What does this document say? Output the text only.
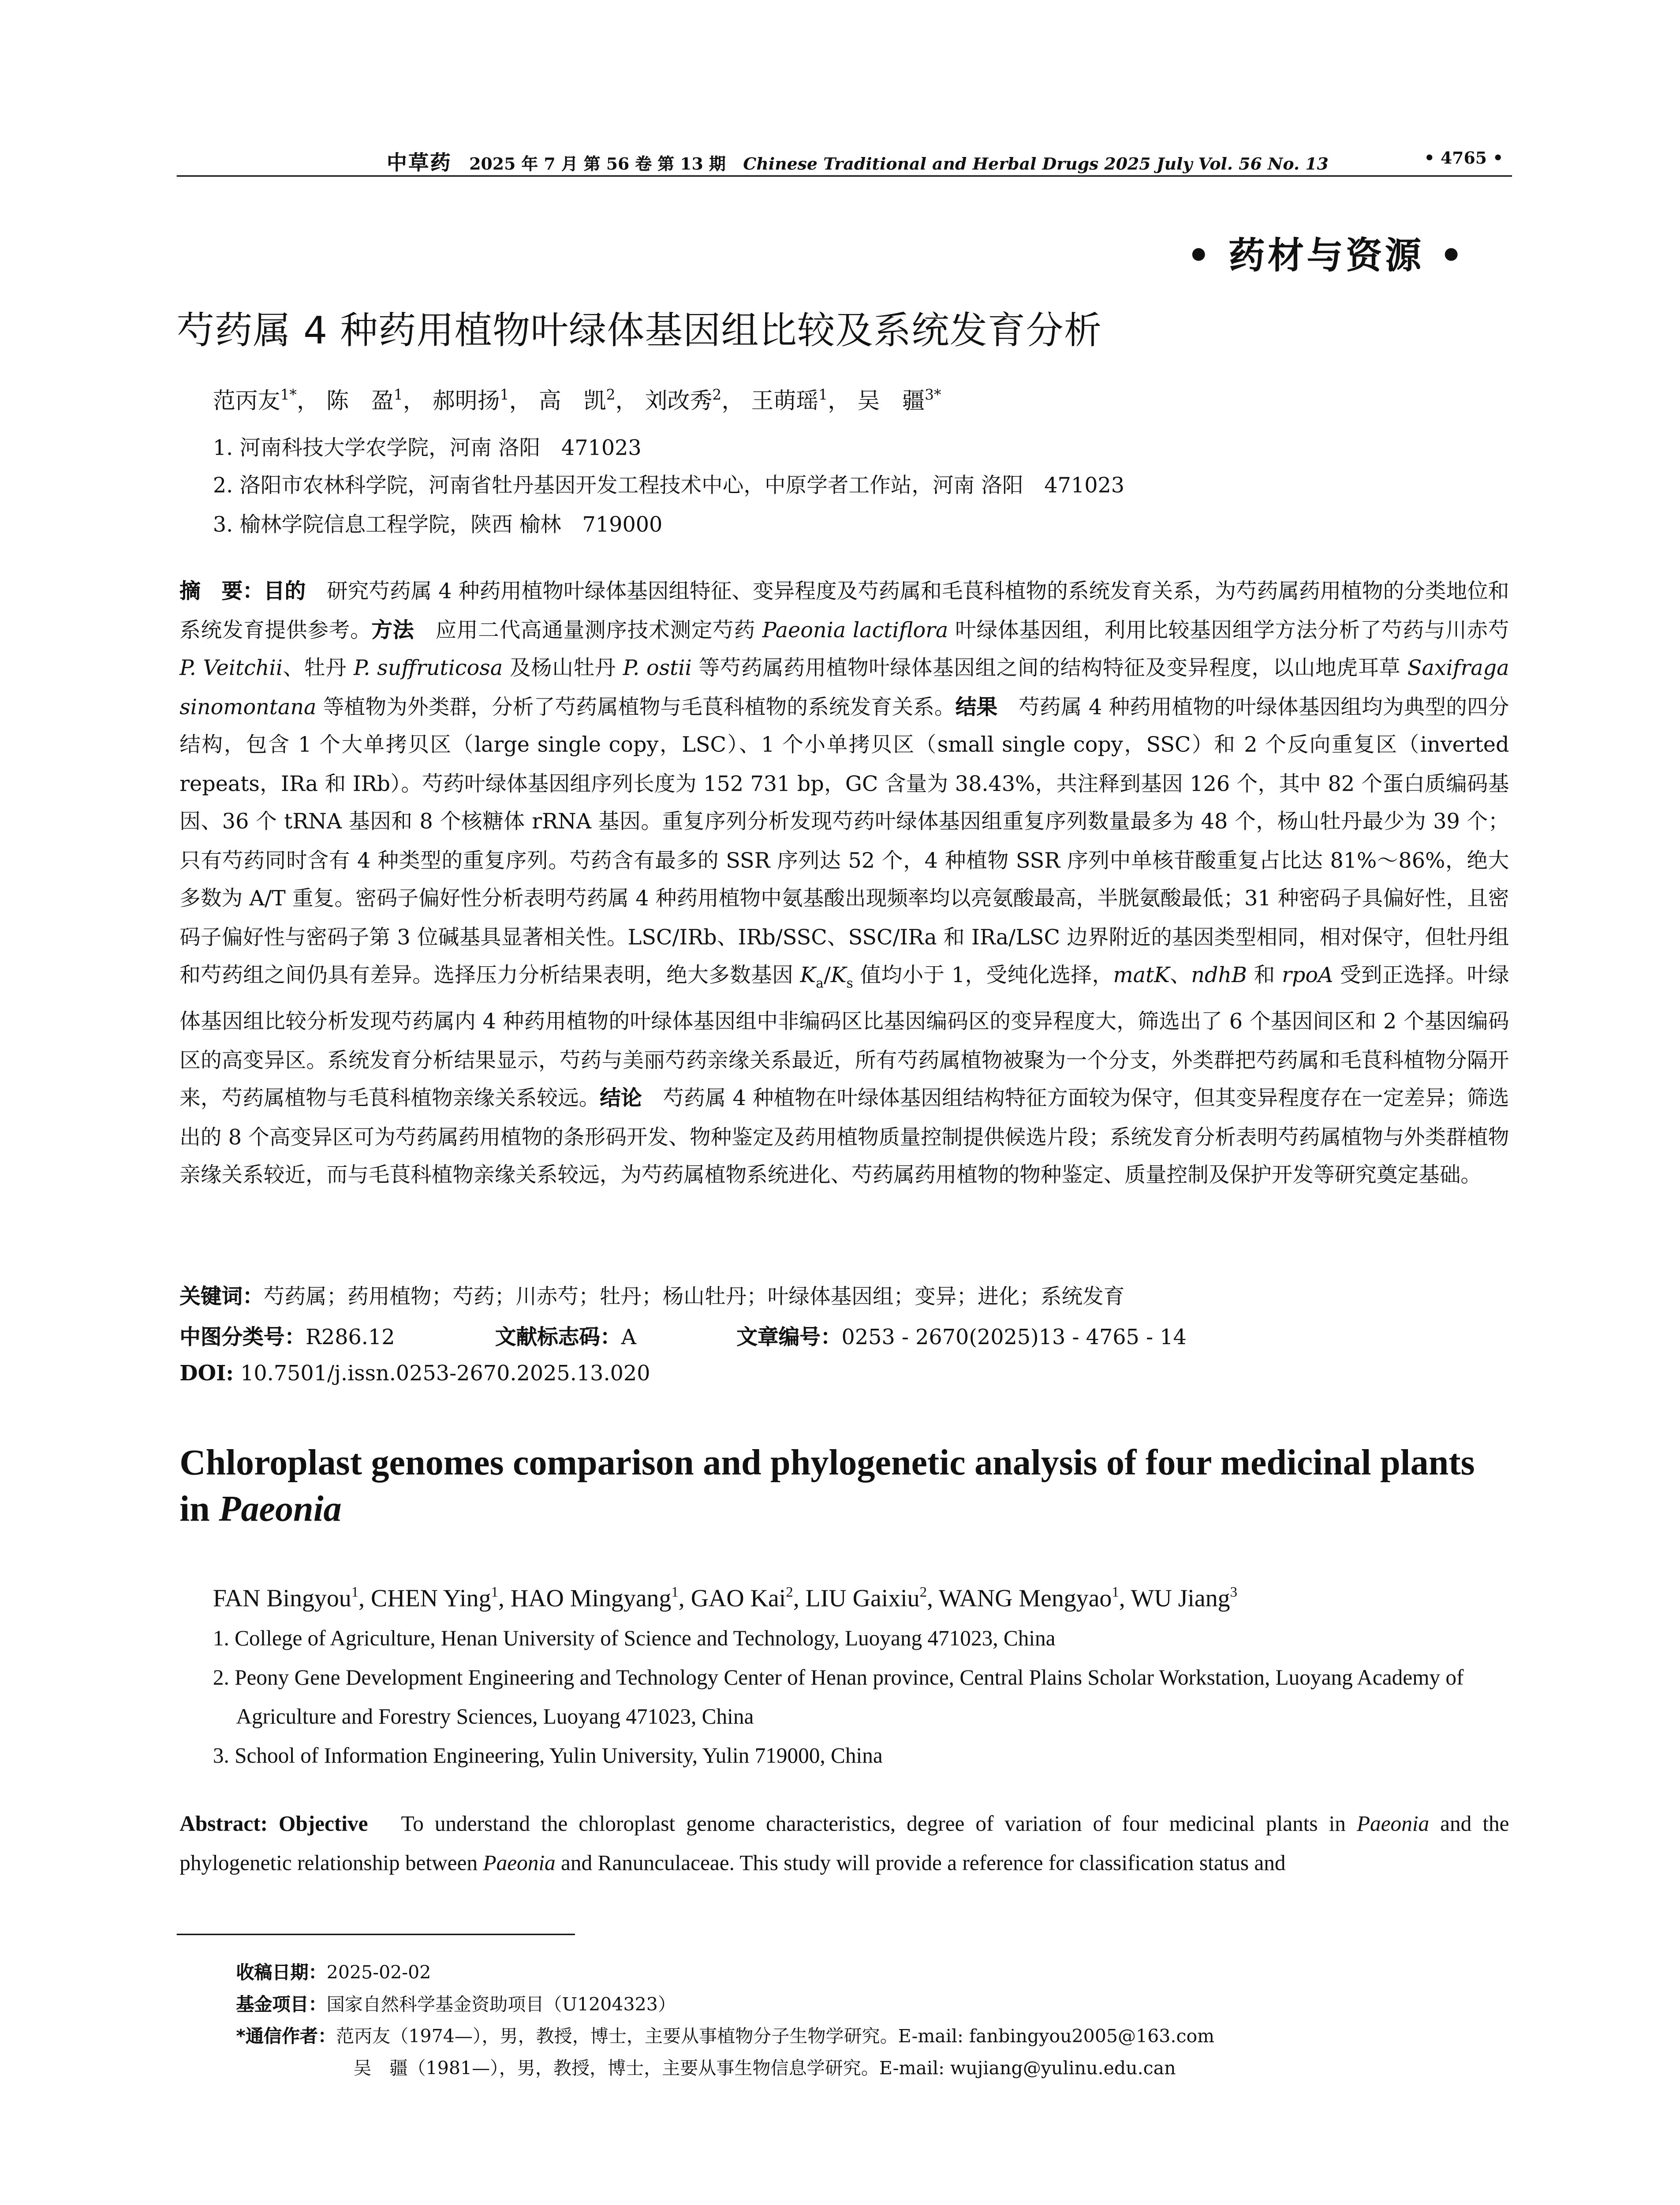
中草药	2025 年 7 月 第 56 卷 第 13 期	Chinese Traditional and Herbal Drugs 2025 July Vol. 56 No. 13	• 4765 •
• 药材与资源 •
芍药属 4 种药用植物叶绿体基因组比较及系统发育分析
范丙友$^{1*}$， 陈　盈$^1$， 郝明扬$^1$， 高　凯$^2$， 刘改秀$^2$， 王萌瑶$^1$， 吴　疆$^{3*}$
1. 河南科技大学农学院，河南 洛阳　471023
2. 洛阳市农林科学院，河南省牡丹基因开发工程技术中心，中原学者工作站，河南 洛阳　471023
3. 榆林学院信息工程学院，陕西 榆林　719000
摘　要：目的　	研究芍药属 4 种药用植物叶绿体基因组特征、变异程度及芍药属和毛茛科植物的系统发育关系，为芍药属药用植物的分类地位和系统发育提供参考。方法　	应用二代高通量测序技术测定芍药 Paeonia lactiflora 叶绿体基因组，利用比较基因组学方法分析了芍药与川赤芍 P. Veitchii、牡丹 P. suffruticosa 及杨山牡丹 P. ostii 等芍药属药用植物叶绿体基因组之间的结构特征及变异程度，以山地虎耳草 Saxifraga sinomontana 等植物为外类群，分析了芍药属植物与毛茛科植物的系统发育关系。结果　	芍药属 4 种药用植物的叶绿体基因组均为典型的四分结构，包含 1 个大单拷贝区（large single copy，LSC）、1 个小单拷贝区（small single copy，SSC）和 2 个反向重复区（inverted repeats，IRa 和 IRb）。芍药叶绿体基因组序列长度为 152 731 bp，GC 含量为 38.43%，共注释到基因 126 个，其中 82 个蛋白质编码基因、36 个 tRNA 基因和 8 个核糖体 rRNA 基因。重复序列分析发现芍药叶绿体基因组重复序列数量最多为 48 个，杨山牡丹最少为 39 个；只有芍药同时含有 4 种类型的重复序列。芍药含有最多的 SSR 序列达 52 个，4 种植物 SSR 序列中单核苷酸重复占比达 81%～86%，绝大多数为 A/T 重复。密码子偏好性分析表明芍药属 4 种药用植物中氨基酸出现频率均以亮氨酸最高，半胱氨酸最低；31 种密码子具偏好性，且密码子偏好性与密码子第 3 位碱基具显著相关性。LSC/IRb、IRb/SSC、SSC/IRa 和 IRa/LSC 边界附近的基因类型相同，相对保守，但牡丹组和芍药组之间仍具有差异。选择压力分析结果表明，绝大多数基因 $K_a/K_s$ 值均小于 1，受纯化选择，matK、ndhB 和 rpoA 受到正选择。叶绿体基因组比较分析发现芍药属内 4 种药用植物的叶绿体基因组中非编码区比基因编码区的变异程度大，筛选出了 6 个基因间区和 2 个基因编码区的高变异区。系统发育分析结果显示，芍药与美丽芍药亲缘关系最近，所有芍药属植物被聚为一个分支，外类群把芍药属和毛茛科植物分隔开来，芍药属植物与毛茛科植物亲缘关系较远。结论　	芍药属 4 种植物在叶绿体基因组结构特征方面较为保守，但其变异程度存在一定差异；筛选出的 8 个高变异区可为芍药属药用植物的条形码开发、物种鉴定及药用植物质量控制提供候选片段；系统发育分析表明芍药属植物与外类群植物亲缘关系较近，而与毛茛科植物亲缘关系较远，为芍药属植物系统进化、芍药属药用植物的物种鉴定、质量控制及保护开发等研究奠定基础。
关键词：芍药属；药用植物；芍药；川赤芍；牡丹；杨山牡丹；叶绿体基因组；变异；进化；系统发育
中图分类号：R286.12	文献标志码：A	文章编号：0253 - 2670(2025)13 - 4765 - 14
DOI: 10.7501/j.issn.0253-2670.2025.13.020
Chloroplast genomes comparison and phylogenetic analysis of four medicinal plants in Paeonia
FAN Bingyou$^1$, CHEN Ying$^1$, HAO Mingyang$^1$, GAO Kai$^2$, LIU Gaixiu$^2$, WANG Mengyao$^1$, WU Jiang$^3$
1. College of Agriculture, Henan University of Science and Technology, Luoyang 471023, China
2. Peony Gene Development Engineering and Technology Center of Henan province, Central Plains Scholar Workstation, Luoyang Academy of Agriculture and Forestry Sciences, Luoyang 471023, China
3. School of Information Engineering, Yulin University, Yulin 719000, China
Abstract: Objective	To understand the chloroplast genome characteristics, degree of variation of four medicinal plants in Paeonia and the phylogenetic relationship between Paeonia and Ranunculaceae. This study will provide a reference for classification status and
收稿日期：2025-02-02
基金项目：国家自然科学基金资助项目（U1204323）
*通信作者：范丙友（1974—），男，教授，博士，主要从事植物分子生物学研究。E-mail: fanbingyou2005@163.com
吴　疆（1981—），男，教授，博士，主要从事生物信息学研究。E-mail: wujiang@yulinu.edu.can
